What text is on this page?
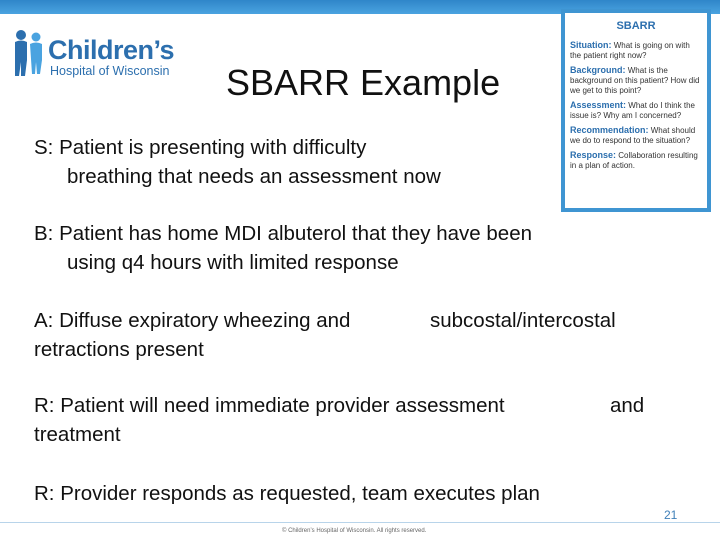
Children’s
Hospital of Wisconsin SBARR Example
SBARR
Situation: What is going on with the patient right now?
Background: What is the background on this patient? How did we get to this point?
Assessment: What do I think the issue is? Why am I concerned?
Recommendation: What should we do to respond to the situation?
Response: Collaboration resulting in a plan of action.
S: Patient is presenting with difficulty
breathing that needs an assessment now
B: Patient has home MDI albuterol that they have been
using q4 hours with limited response
A: Diffuse expiratory wheezing and	subcostal/intercostal
retractions present
R: Patient will need immediate provider assessment	and
treatment
R: Provider responds as requested, team executes plan
21
© Children’s Hospital of Wisconsin. All rights reserved.
